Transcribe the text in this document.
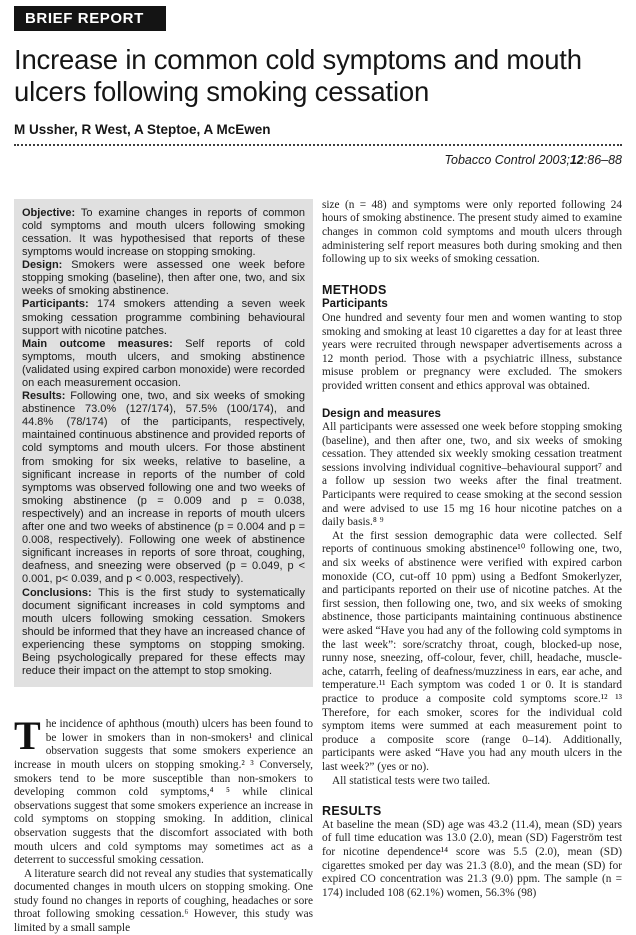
BRIEF REPORT
Increase in common cold symptoms and mouth ulcers following smoking cessation
M Ussher, R West, A Steptoe, A McEwen
Tobacco Control 2003;12:86–88

Objective: To examine changes in reports of common cold symptoms and mouth ulcers following smoking cessation. It was hypothesised that reports of these symptoms would increase on stopping smoking.

Design: Smokers were assessed one week before stopping smoking (baseline), then after one, two, and six weeks of smoking abstinence.

Participants: 174 smokers attending a seven week smoking cessation programme combining behavioural support with nicotine patches.

Main outcome measures: Self reports of cold symptoms, mouth ulcers, and smoking abstinence (validated using expired carbon monoxide) were recorded on each measurement occasion.

Results: Following one, two, and six weeks of smoking abstinence 73.0% (127/174), 57.5% (100/174), and 44.8% (78/174) of the participants, respectively, maintained continuous abstinence and provided reports of cold symptoms and mouth ulcers. For those abstinent from smoking for six weeks, relative to baseline, a significant increase in reports of the number of cold symptoms was observed following one and two weeks of smoking abstinence (p = 0.009 and p = 0.038, respectively) and an increase in reports of mouth ulcers after one and two weeks of abstinence (p = 0.004 and p = 0.008, respectively). Following one week of abstinence significant increases in reports of sore throat, coughing, deafness, and sneezing were observed (p = 0.049, p < 0.001, p< 0.039, and p < 0.003, respectively).

Conclusions: This is the first study to systematically document significant increases in cold symptoms and mouth ulcers following smoking cessation. Smokers should be informed that they have an increased chance of experiencing these symptoms on stopping smoking. Being psychologically prepared for these effects may reduce their impact on the attempt to stop smoking.

The incidence of aphthous (mouth) ulcers has been found to be lower in smokers than in non-smokers¹ and clinical observation suggests that some smokers experience an increase in mouth ulcers on stopping smoking.² ³ Conversely, smokers tend to be more susceptible than non-smokers to developing common cold symptoms,⁴ ⁵ while clinical observations suggest that some smokers experience an increase in cold symptoms on stopping smoking. In addition, clinical observation suggests that the discomfort associated with both mouth ulcers and cold symptoms may sometimes act as a deterrent to successful smoking cessation.

A literature search did not reveal any studies that systematically documented changes in mouth ulcers on stopping smoking. One study found no changes in reports of coughing, headaches or sore throat following smoking cessation.⁶ However, this study was limited by a small sample

size (n = 48) and symptoms were only reported following 24 hours of smoking abstinence. The present study aimed to examine changes in common cold symptoms and mouth ulcers through administering self report measures both during smoking and then following up to six weeks of smoking cessation.

METHODS
Participants

One hundred and seventy four men and women wanting to stop smoking and smoking at least 10 cigarettes a day for at least three years were recruited through newspaper advertisements across a 12 month period. Those with a psychiatric illness, substance misuse problem or pregnancy were excluded. The smokers provided written consent and ethics approval was obtained.

Design and measures

All participants were assessed one week before stopping smoking (baseline), and then after one, two, and six weeks of smoking cessation. They attended six weekly smoking cessation treatment sessions involving individual cognitive–behavioural support⁷ and a follow up session two weeks after the final treatment. Participants were required to cease smoking at the second session and were advised to use 15 mg 16 hour nicotine patches on a daily basis.⁸ ⁹

At the first session demographic data were collected. Self reports of continuous smoking abstinence¹⁰ following one, two, and six weeks of abstinence were verified with expired carbon monoxide (CO, cut-off 10 ppm) using a Bedfont Smokerlyzer, and participants reported on their use of nicotine patches. At the first session, then following one, two, and six weeks of smoking abstinence, those participants maintaining continuous abstinence were asked “Have you had any of the following cold symptoms in the last week”: sore/scratchy throat, cough, blocked-up nose, runny nose, sneezing, off-colour, fever, chill, headache, muscle-ache, catarrh, feeling of deafness/muzziness in ears, ear ache, and temperature.¹¹ Each symptom was coded 1 or 0. It is standard practice to produce a composite cold symptoms score.¹² ¹³ Therefore, for each smoker, scores for the individual cold symptom items were summed at each measurement point to produce a composite score (range 0–14). Additionally, participants were asked “Have you had any mouth ulcers in the last week?” (yes or no).

All statistical tests were two tailed.

RESULTS

At baseline the mean (SD) age was 43.2 (11.4), mean (SD) years of full time education was 13.0 (2.0), mean (SD) Fagerström test for nicotine dependence¹⁴ score was 5.5 (2.0), mean (SD) cigarettes smoked per day was 21.3 (8.0), and the mean (SD) for expired CO concentration was 21.3 (9.0) ppm. The sample (n = 174) included 108 (62.1%) women, 56.3% (98)
